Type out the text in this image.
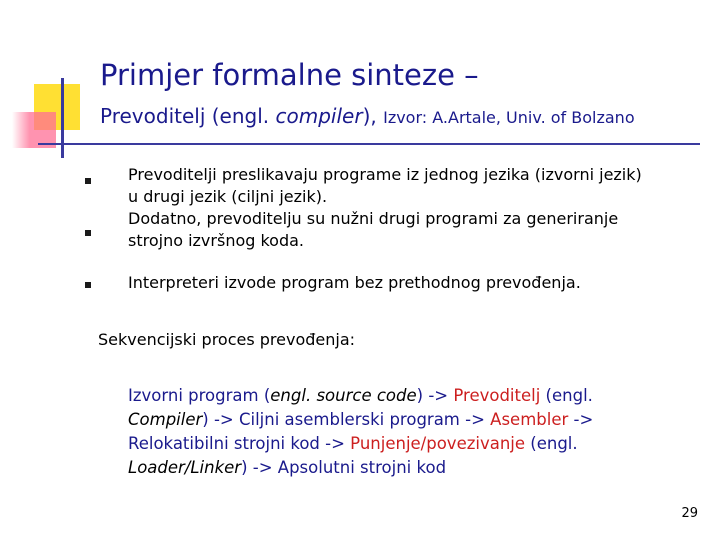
Primjer formalne sinteze –
Prevoditelj (engl. compiler), Izvor: A.Artale, Univ. of Bolzano
Prevoditelji preslikavaju programe iz jednog jezika (izvorni jezik)
u drugi jezik (ciljni jezik).
Dodatno, prevoditelju su nužni drugi programi za generiranje
strojno izvršnog koda.
Interpreteri izvode program bez prethodnog prevođenja.
Sekvencijski proces prevođenja:
Izvorni program (engl. source code) -> Prevoditelj (engl.
Compiler) -> Ciljni asemblerski program -> Asembler ->
Relokatibilni strojni kod -> Punjenje/povezivanje (engl.
Loader/Linker) -> Apsolutni strojni kod
29
